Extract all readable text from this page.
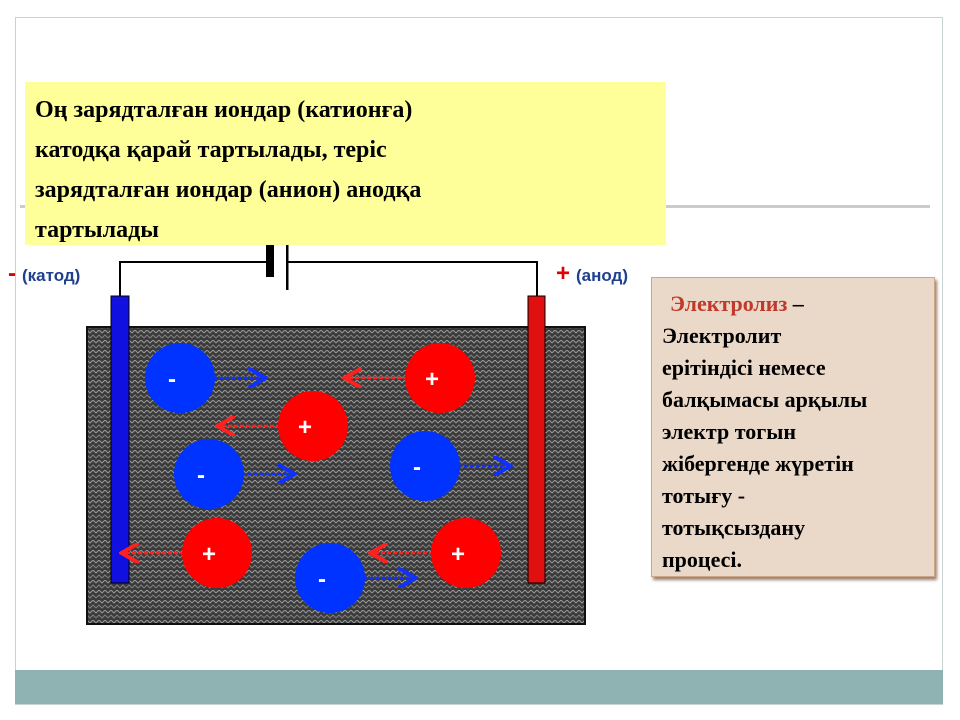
-	+
+
-
-
+	+
-
Оң зарядталған иондар (катионға)
катодқа қарай тартылады, теріс
зарядталған иондар (анион) анодқа
тартылады
- (катод)	+ (анод)
Электролиз –
Электролит
ерітіндісі немесе
балқымасы арқылы
электр тогын
жібергенде жүретін
тотығу -
тотықсыздану
процесі.
